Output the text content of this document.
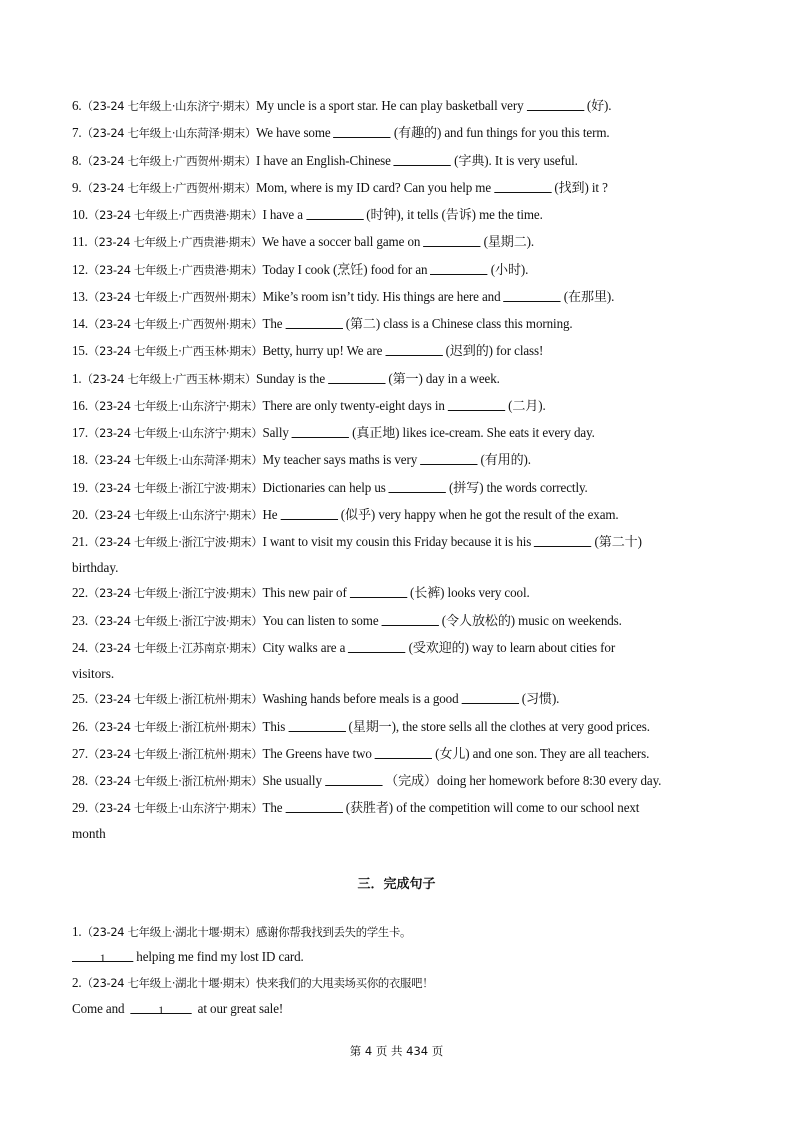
6.（23-24 七年级上·山东济宁·期末）My uncle is a sport star. He can play basketball very	(好).
7.（23-24 七年级上·山东菏泽·期末）We have some	(有趣的) and fun things for you this term.
8.（23-24 七年级上·广西贺州·期末）I have an English-Chinese	(字典). It is very useful.
9.（23-24 七年级上·广西贺州·期末）Mom, where is my ID card? Can you help me	(找到) it ?
10.（23-24 七年级上·广西贵港·期末）I have a	(时钟), it tells (告诉) me the time.
11.（23-24 七年级上·广西贵港·期末）We have a soccer ball game on	(星期二).
12.（23-24 七年级上·广西贵港·期末）Today I cook (烹饪) food for an	(小时).
13.（23-24 七年级上·广西贺州·期末）Mike’s room isn’t tidy. His things are here and	(在那里).
14.（23-24 七年级上·广西贺州·期末）The	(第二) class is a Chinese class this morning.
15.（23-24 七年级上·广西玉林·期末）Betty, hurry up! We are	(迟到的) for class!
1.（23-24 七年级上·广西玉林·期末）Sunday is the	(第一) day in a week.
16.（23-24 七年级上·山东济宁·期末）There are only twenty-eight days in	(二月).
17.（23-24 七年级上·山东济宁·期末）Sally	(真正地) likes ice-cream. She eats it every day.
18.（23-24 七年级上·山东菏泽·期末）My teacher says maths is very	(有用的).
19.（23-24 七年级上·浙江宁波·期末）Dictionaries can help us	(拼写) the words correctly.
20.（23-24 七年级上·山东济宁·期末）He	(似乎) very happy when he got the result of the exam.
21.（23-24 七年级上·浙江宁波·期末）I want to visit my cousin this Friday because it is his	(第二十)
birthday.
22.（23-24 七年级上·浙江宁波·期末）This new pair of	(长裤) looks very cool.
23.（23-24 七年级上·浙江宁波·期末）You can listen to some	(令人放松的) music on weekends.
24.（23-24 七年级上·江苏南京·期末）City walks are a	(受欢迎的) way to learn about cities for
visitors.
25.（23-24 七年级上·浙江杭州·期末）Washing hands before meals is a good	(习惯).
26.（23-24 七年级上·浙江杭州·期末）This	(星期一), the store sells all the clothes at very good prices.
27.（23-24 七年级上·浙江杭州·期末）The Greens have two	(女儿) and one son. They are all teachers.
28.（23-24 七年级上·浙江杭州·期末）She usually	（完成）doing her homework before 8:30 every day.
29.（23-24 七年级上·山东济宁·期末）The	(获胜者) of the competition will come to our school next
month
三．完成句子
1.（23-24 七年级上·湖北十堰·期末）感谢你帮我找到丢失的学生卡。
1 helping me find my lost ID card.
2.（23-24 七年级上·湖北十堰·期末）快来我们的大甩卖场买你的衣服吧！
Come and	1	at our great sale!
第 4 页 共 434 页
